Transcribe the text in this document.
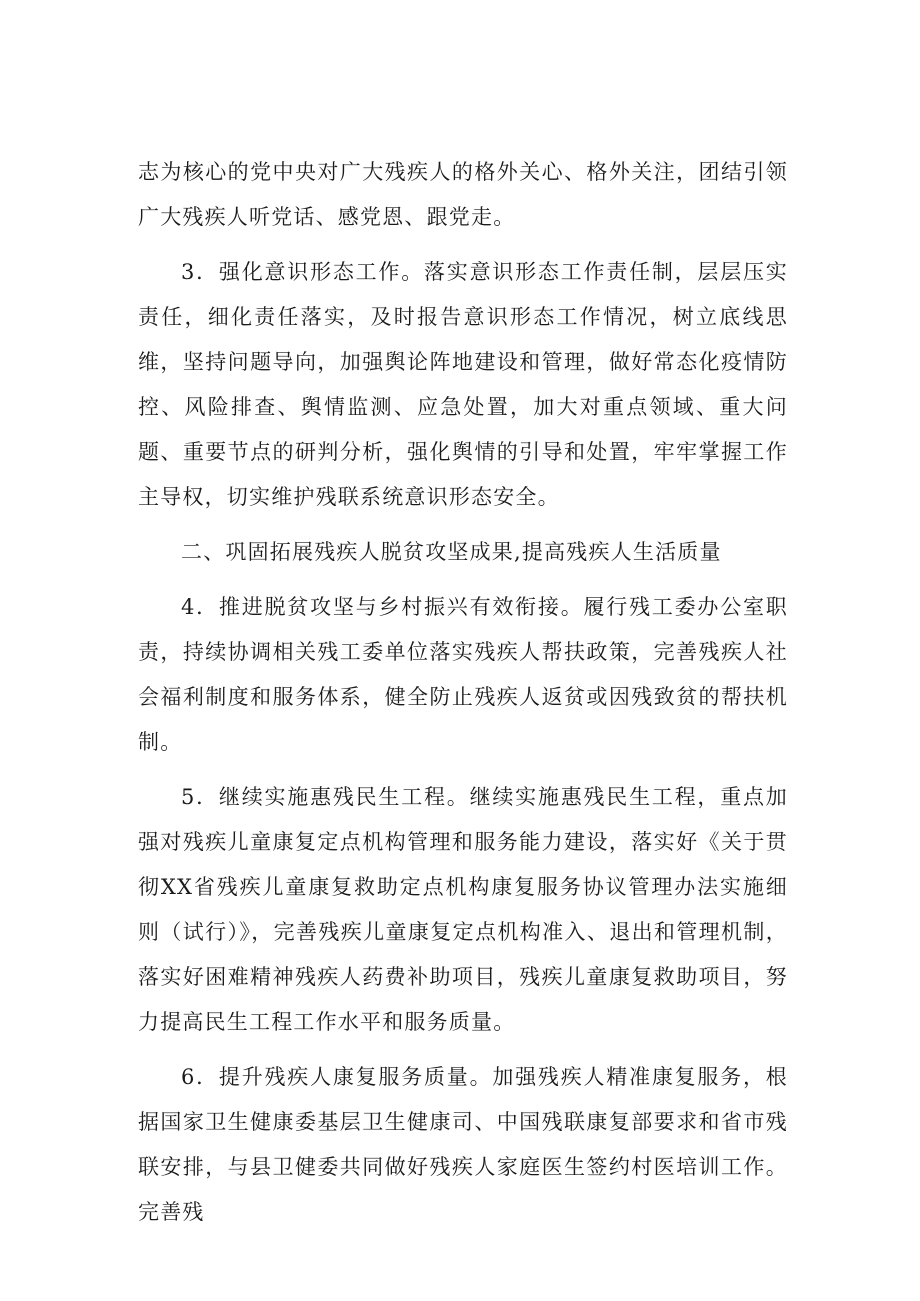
志为核心的党中央对广大残疾人的格外关心、格外关注，团结引领广大残疾人听党话、感党恩、跟党走。

3．强化意识形态工作。落实意识形态工作责任制，层层压实责任，细化责任落实，及时报告意识形态工作情况，树立底线思维，坚持问题导向，加强舆论阵地建设和管理，做好常态化疫情防控、风险排查、舆情监测、应急处置，加大对重点领域、重大问题、重要节点的研判分析，强化舆情的引导和处置，牢牢掌握工作主导权，切实维护残联系统意识形态安全。

二、巩固拓展残疾人脱贫攻坚成果,提高残疾人生活质量

4．推进脱贫攻坚与乡村振兴有效衔接。履行残工委办公室职责，持续协调相关残工委单位落实残疾人帮扶政策，完善残疾人社会福利制度和服务体系，健全防止残疾人返贫或因残致贫的帮扶机制。

5．继续实施惠残民生工程。继续实施惠残民生工程，重点加强对残疾儿童康复定点机构管理和服务能力建设，落实好《关于贯彻XX省残疾儿童康复救助定点机构康复服务协议管理办法实施细则（试行）》，完善残疾儿童康复定点机构准入、退出和管理机制，落实好困难精神残疾人药费补助项目，残疾儿童康复救助项目，努力提高民生工程工作水平和服务质量。

6．提升残疾人康复服务质量。加强残疾人精准康复服务，根据国家卫生健康委基层卫生健康司、中国残联康复部要求和省市残联安排，与县卫健委共同做好残疾人家庭医生签约村医培训工作。完善残
